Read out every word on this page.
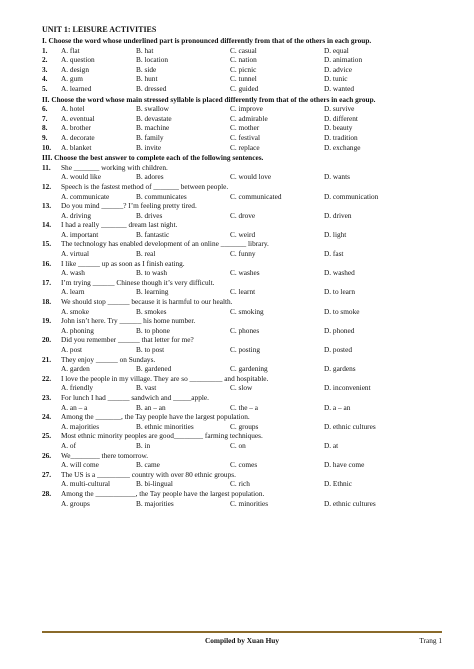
UNIT 1: LEISURE ACTIVITIES
I. Choose the word whose underlined part is pronounced differently from that of the others in each group.
1.	A. flat	B. hat	C. casual	D. equal
2.	A. question	B. location	C. nation	D. animation
3.	A. design	B. side	C. picnic	D. advice
4.	A. gum	B. hunt	C. tunnel	D. tunic
5.	A. learned	B. dressed	C. guided	D. wanted
II. Choose the word whose main stressed syllable is placed differently from that of the others in each group.
6.	A. hotel	B. swallow	C. improve	D. survive
7.	A. eventual	B. devastate	C. admirable	D. different
8.	A. brother	B. machine	C. mother	D. beauty
9.	A. decorate	B. family	C. festival	D. tradition
10.	A. blanket	B. invite	C. replace	D. exchange
III. Choose the best answer to complete each of the following sentences.
11.	She _______ working with children.
A. would like	B. adores	C. would love	D. wants
12.	Speech is the fastest method of _______ between people.
A. communicate	B. communicates	C. communicated	D. communication
13.	Do you mind ______? I’m feeling pretty tired.
A. driving	B. drives	C. drove	D. driven
14.	I had a really _______ dream last night.
A. important	B. fantastic	C. weird	D. light
15.	The technology has enabled development of an online _______ library.
A. virtual	B. real	C. funny	D. fast
16.	I like ______ up as soon as I finish eating.
A. wash	B. to wash	C. washes	D. washed
17.	I’m trying ______ Chinese though it’s very difficult.
A. learn	B. learning	C. learnt	D. to learn
18.	We should stop ______ because it is harmful to our health.
A. smoke	B. smokes	C. smoking	D. to smoke
19.	John isn’t here. Try ______ his home number.
A. phoning	B. to phone	C. phones	D. phoned
20.	Did you remember ______ that letter for me?
A. post	B. to post	C. posting	D. posted
21.	They enjoy ______ on Sundays.
A. garden	B. gardened	C. gardening	D. gardens
22.	I love the people in my village. They are so _________ and hospitable.
A. friendly	B. vast	C. slow	D. inconvenient
23.	For lunch I had ______ sandwich and _____apple.
A. an – a	B. an – an	C. the – a	D. a – an
24.	Among the _______, the Tay people have the largest population.
A. majorities	B. ethnic minorities	C. groups	D. ethnic cultures
25.	Most ethnic minority peoples are good________ farming techniques.
A. of	B. in	C. on	D. at
26.	We________ there tomorrow.
A. will come	B. came	C. comes	D. have come
27.	The US is a _________ country with over 80 ethnic groups.
A. multi-cultural	B. bi-lingual	C. rich	D. Ethnic
28.	Among the ___________, the Tay people have the largest population.
A. groups	B. majorities	C. minorities	D. ethnic cultures
Compiled by Xuan Huy	Trang 1
